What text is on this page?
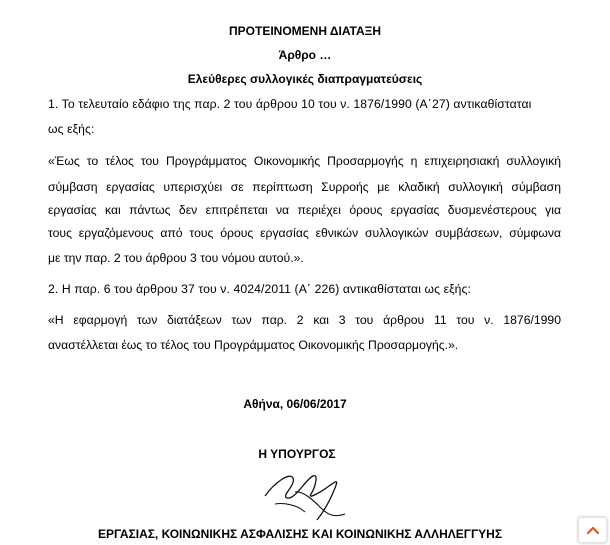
ΠΡΟΤΕΙΝΟΜΕΝΗ ΔΙΑΤΑΞΗ
Άρθρο …
Ελεύθερες συλλογικές διαπραγματεύσεις
1. Το τελευταίο εδάφιο της παρ. 2 του άρθρου 10 του ν. 1876/1990 (Α΄27) αντικαθίσταται
ως εξής:
«Έως το τέλος του Προγράμματος Οικονομικής Προσαρμογής η επιχειρησιακή συλλογική
σύμβαση εργασίας υπερισχύει σε περίπτωση Συρροής με κλαδική συλλογική σύμβαση
εργασίας και πάντως δεν επιτρέπεται να περιέχει όρους εργασίας δυσμενέστερους για
τους εργαζόμενους από τους όρους εργασίας εθνικών συλλογικών συμβάσεων, σύμφωνα
με την παρ. 2 του άρθρου 3 του νόμου αυτού.».
2. Η παρ. 6 του άρθρου 37 του ν. 4024/2011 (Α΄ 226) αντικαθίσταται ως εξής:
«Η εφαρμογή των διατάξεων των παρ. 2 και 3 του άρθρου 11 του ν. 1876/1990
αναστέλλεται έως το τέλος του Προγράμματος Οικονομικής Προσαρμογής.».
Αθήνα, 06/06/2017
Η ΥΠΟΥΡΓΟΣ
ΕΡΓΑΣΙΑΣ, ΚΟΙΝΩΝΙΚΗΣ ΑΣΦΑΛΙΣΗΣ ΚΑΙ ΚΟΙΝΩΝΙΚΗΣ ΑΛΛΗΛΕΓΓΥΗΣ
